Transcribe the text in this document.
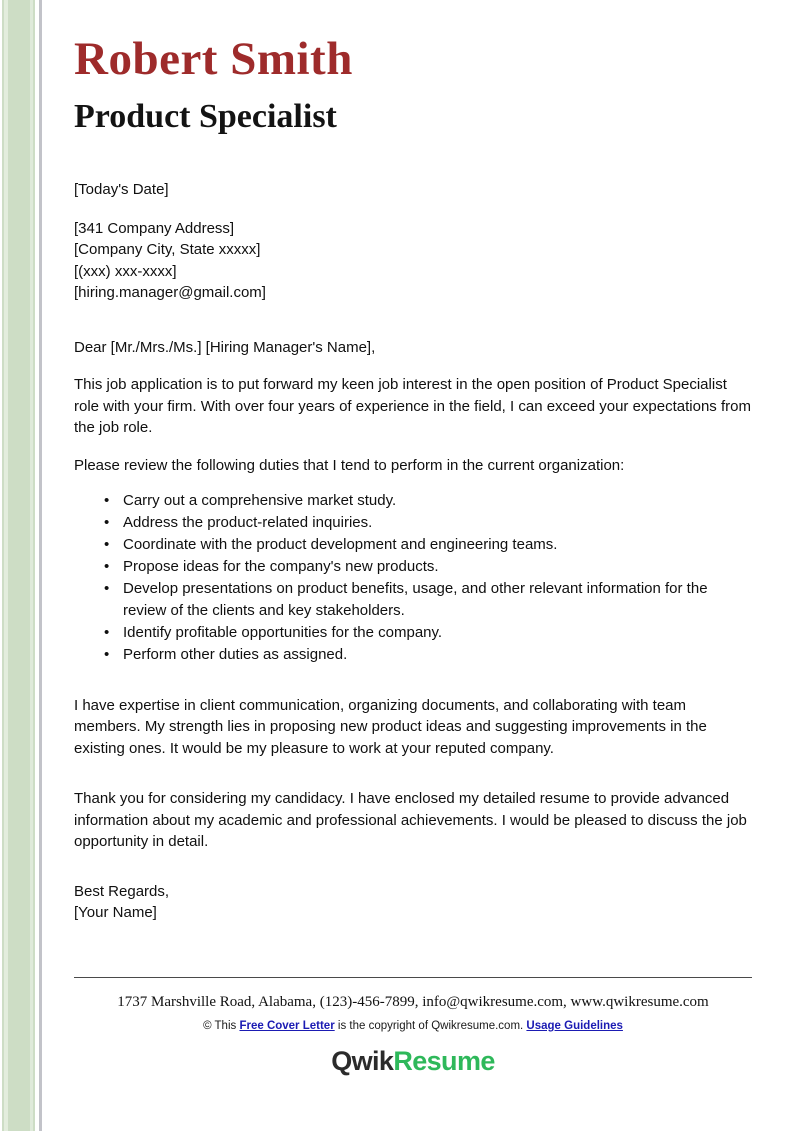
Robert Smith
Product Specialist
[Today's Date]
[341 Company Address]
[Company City, State xxxxx]
[(xxx) xxx-xxxx]
[hiring.manager@gmail.com]
Dear [Mr./Mrs./Ms.] [Hiring Manager's Name],
This job application is to put forward my keen job interest in the open position of Product Specialist role with your firm. With over four years of experience in the field, I can exceed your expectations from the job role.
Please review the following duties that I tend to perform in the current organization:
• Carry out a comprehensive market study.
• Address the product-related inquiries.
• Coordinate with the product development and engineering teams.
• Propose ideas for the company's new products.
• Develop presentations on product benefits, usage, and other relevant information for the review of the clients and key stakeholders.
• Identify profitable opportunities for the company.
• Perform other duties as assigned.
I have expertise in client communication, organizing documents, and collaborating with team members. My strength lies in proposing new product ideas and suggesting improvements in the existing ones. It would be my pleasure to work at your reputed company.
Thank you for considering my candidacy. I have enclosed my detailed resume to provide advanced information about my academic and professional achievements. I would be pleased to discuss the job opportunity in detail.
Best Regards,
[Your Name]
1737 Marshville Road, Alabama, (123)-456-7899, info@qwikresume.com, www.qwikresume.com
© This Free Cover Letter is the copyright of Qwikresume.com. Usage Guidelines
QwikResume
